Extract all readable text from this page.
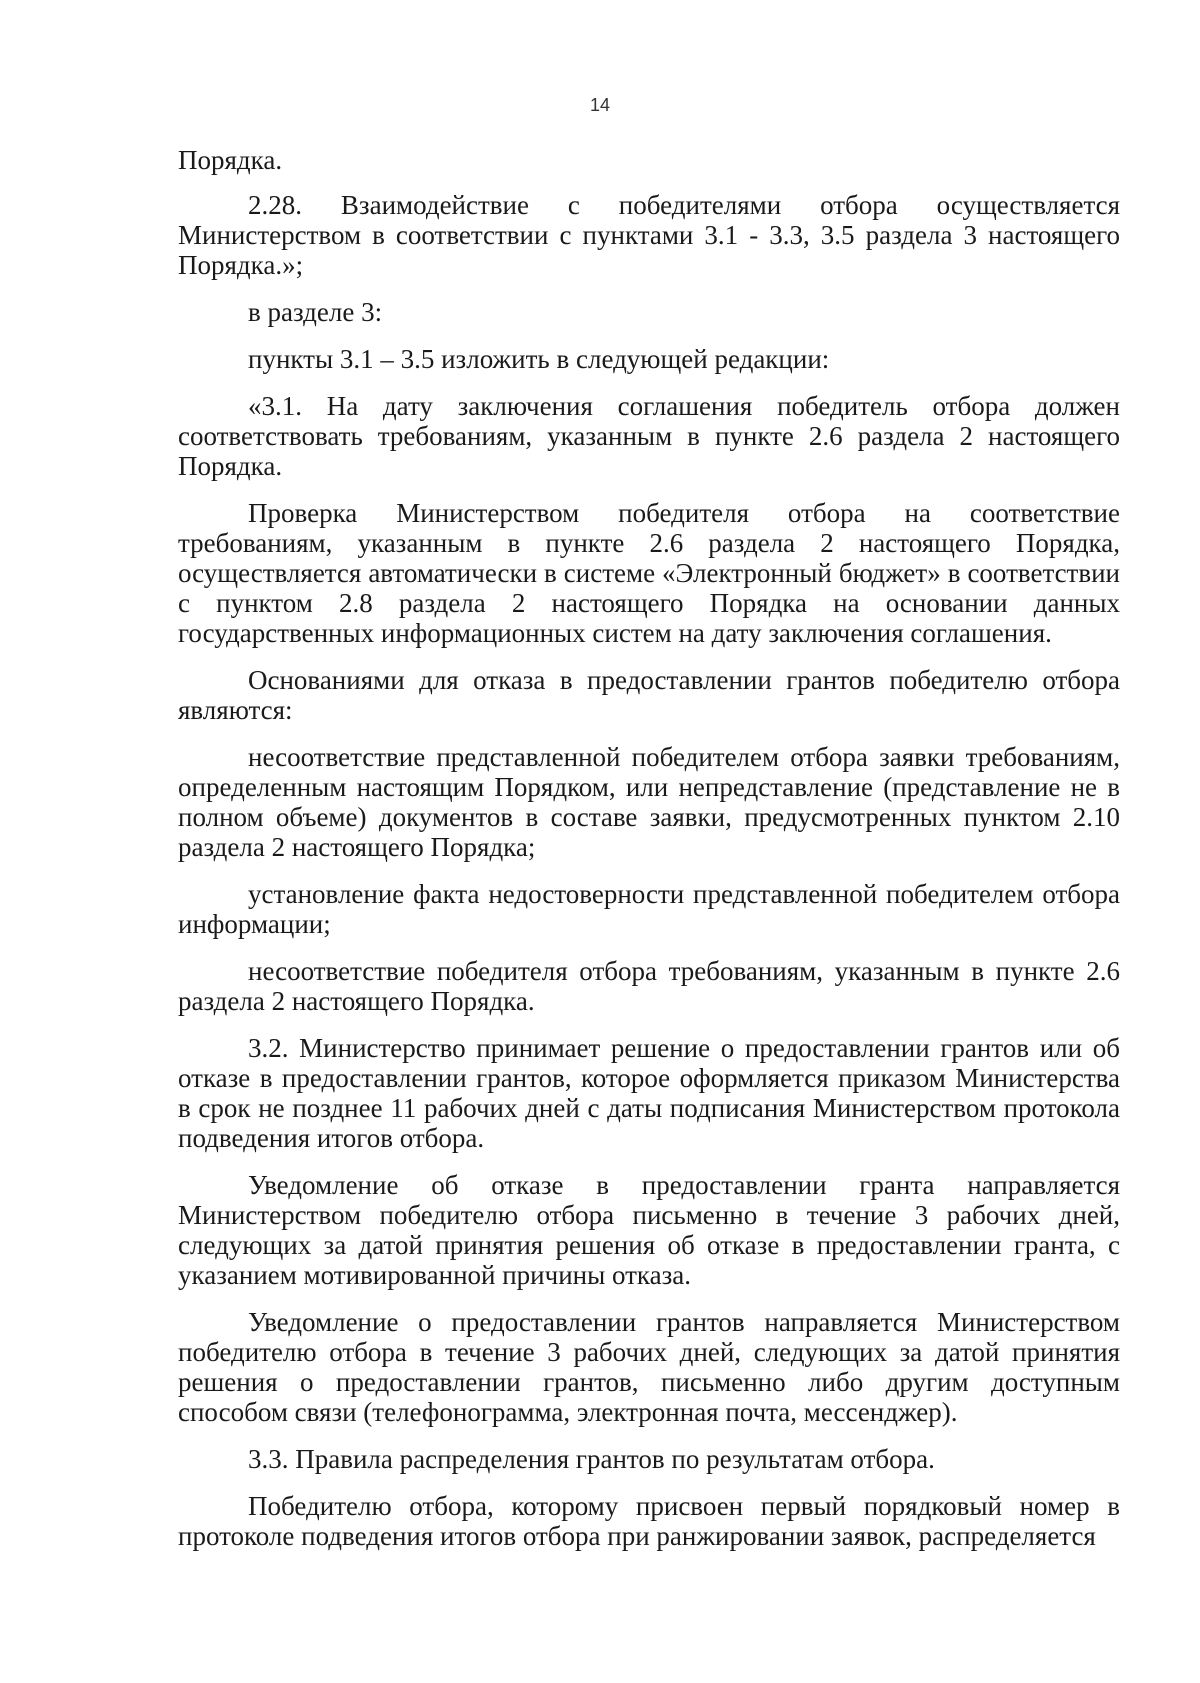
14

Порядка.

2.28. Взаимодействие с победителями отбора осуществляется Министерством в соответствии с пунктами 3.1 - 3.3, 3.5 раздела 3 настоящего Порядка.»;

в разделе 3:

пункты 3.1 – 3.5 изложить в следующей редакции:

«3.1. На дату заключения соглашения победитель отбора должен соответствовать требованиям, указанным в пункте 2.6 раздела 2 настоящего Порядка.

Проверка Министерством победителя отбора на соответствие требованиям, указанным в пункте 2.6 раздела 2 настоящего Порядка, осуществляется автоматически в системе «Электронный бюджет» в соответствии с пунктом 2.8 раздела 2 настоящего Порядка на основании данных государственных информационных систем на дату заключения соглашения.

Основаниями для отказа в предоставлении грантов победителю отбора являются:

несоответствие представленной победителем отбора заявки требованиям, определенным настоящим Порядком, или непредставление (представление не в полном объеме) документов в составе заявки, предусмотренных пунктом 2.10 раздела 2 настоящего Порядка;

установление факта недостоверности представленной победителем отбора информации;

несоответствие победителя отбора требованиям, указанным в пункте 2.6 раздела 2 настоящего Порядка.

3.2. Министерство принимает решение о предоставлении грантов или об отказе в предоставлении грантов, которое оформляется приказом Министерства в срок не позднее 11 рабочих дней с даты подписания Министерством протокола подведения итогов отбора.

Уведомление об отказе в предоставлении гранта направляется Министерством победителю отбора письменно в течение 3 рабочих дней, следующих за датой принятия решения об отказе в предоставлении гранта, с указанием мотивированной причины отказа.

Уведомление о предоставлении грантов направляется Министерством победителю отбора в течение 3 рабочих дней, следующих за датой принятия решения о предоставлении грантов, письменно либо другим доступным способом связи (телефонограмма, электронная почта, мессенджер).

3.3. Правила распределения грантов по результатам отбора.

Победителю отбора, которому присвоен первый порядковый номер в протоколе подведения итогов отбора при ранжировании заявок, распределяется
